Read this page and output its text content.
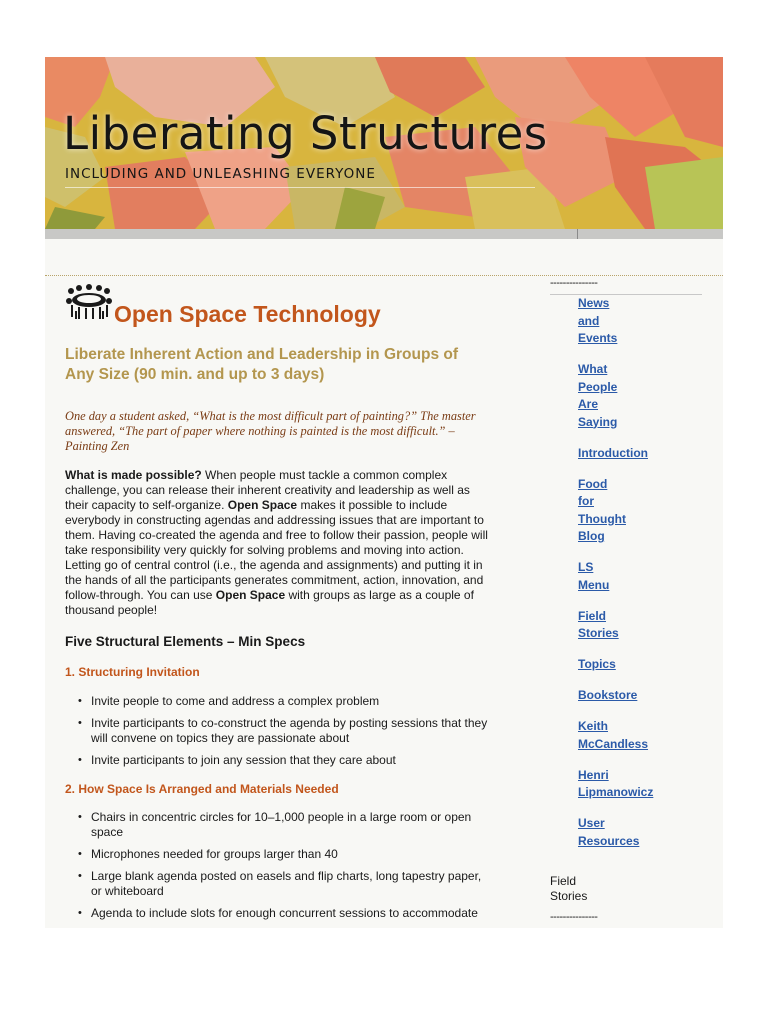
Liberating Structures
INCLUDING AND UNLEASHING EVERYONE
Open Space Technology
Liberate Inherent Action and Leadership in Groups of Any Size (90 min. and up to 3 days)

One day a student asked, “What is the most difficult part of painting?” The master answered, “The part of paper where nothing is painted is the most difficult.” – Painting Zen

What is made possible? When people must tackle a common complex challenge, you can release their inherent creativity and leadership as well as their capacity to self-organize. Open Space makes it possible to include everybody in constructing agendas and addressing issues that are important to them. Having co-created the agenda and free to follow their passion, people will take responsibility very quickly for solving problems and moving into action. Letting go of central control (i.e., the agenda and assignments) and putting it in the hands of all the participants generates commitment, action, innovation, and follow-through. You can use Open Space with groups as large as a couple of thousand people!

Five Structural Elements – Min Specs
1. Structuring Invitation
• Invite people to come and address a complex problem
• Invite participants to co-construct the agenda by posting sessions that they will convene on topics they are passionate about
• Invite participants to join any session that they care about
2. How Space Is Arranged and Materials Needed
• Chairs in concentric circles for 10–1,000 people in a large room or open space
• Microphones needed for groups larger than 40
• Large blank agenda posted on easels and flip charts, long tapestry paper, or whiteboard
• Agenda to include slots for enough concurrent sessions to accommodate
---------------
News
and
Events
What
People
Are
Saying
Introduction
Food
for
Thought
Blog
LS
Menu
Field
Stories
Topics
Bookstore
Keith
McCandless
Henri
Lipmanowicz
User
Resources
Field Stories
---------------
